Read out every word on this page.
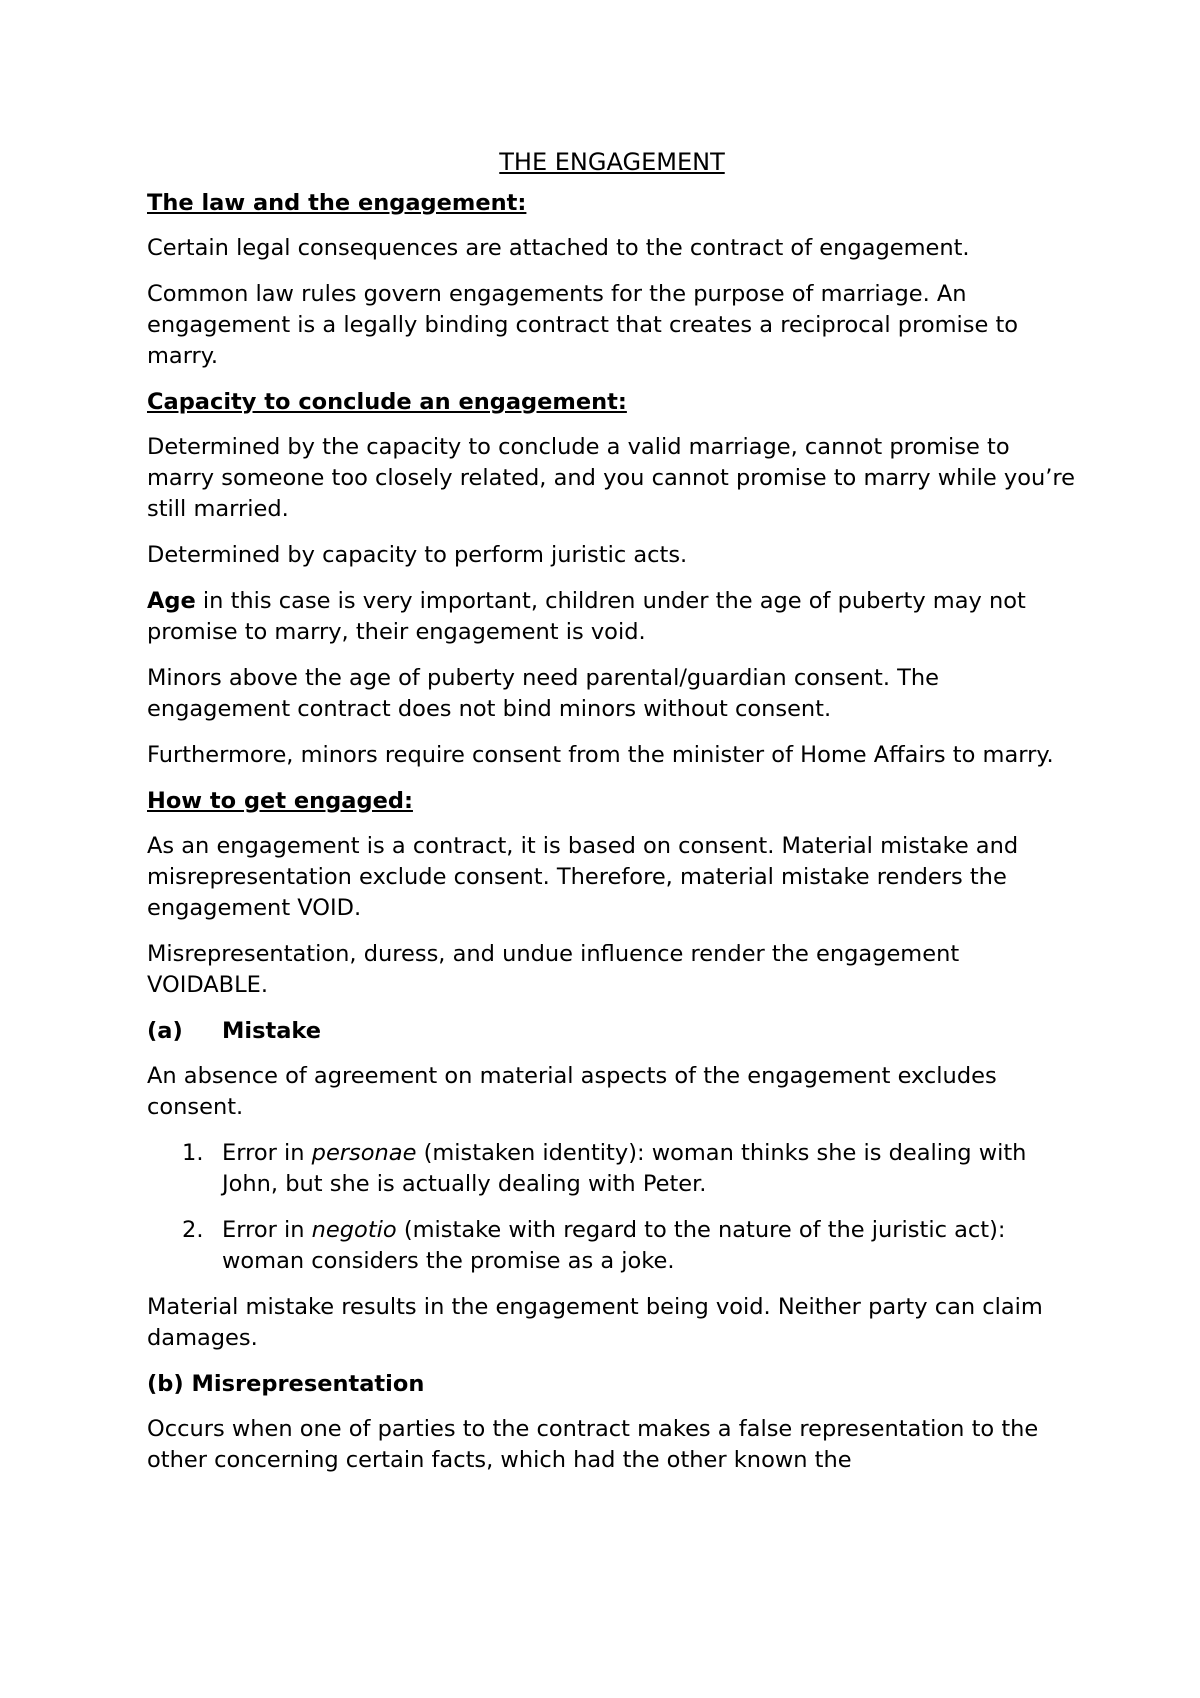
THE ENGAGEMENT
The law and the engagement:

Certain legal consequences are attached to the contract of engagement.

Common law rules govern engagements for the purpose of marriage. An engagement is a legally binding contract that creates a reciprocal promise to marry.

Capacity to conclude an engagement:

Determined by the capacity to conclude a valid marriage, cannot promise to marry someone too closely related, and you cannot promise to marry while you’re still married.

Determined by capacity to perform juristic acts.

Age in this case is very important, children under the age of puberty may not promise to marry, their engagement is void.

Minors above the age of puberty need parental/guardian consent. The engagement contract does not bind minors without consent.

Furthermore, minors require consent from the minister of Home Affairs to marry.

How to get engaged:

As an engagement is a contract, it is based on consent. Material mistake and misrepresentation exclude consent. Therefore, material mistake renders the engagement VOID.

Misrepresentation, duress, and undue influence render the engagement VOIDABLE.

(a) Mistake

An absence of agreement on material aspects of the engagement excludes consent.

1. Error in personae (mistaken identity): woman thinks she is dealing with John, but she is actually dealing with Peter.
2. Error in negotio (mistake with regard to the nature of the juristic act): woman considers the promise as a joke.

Material mistake results in the engagement being void. Neither party can claim damages.

(b) Misrepresentation

Occurs when one of parties to the contract makes a false representation to the other concerning certain facts, which had the other known the
